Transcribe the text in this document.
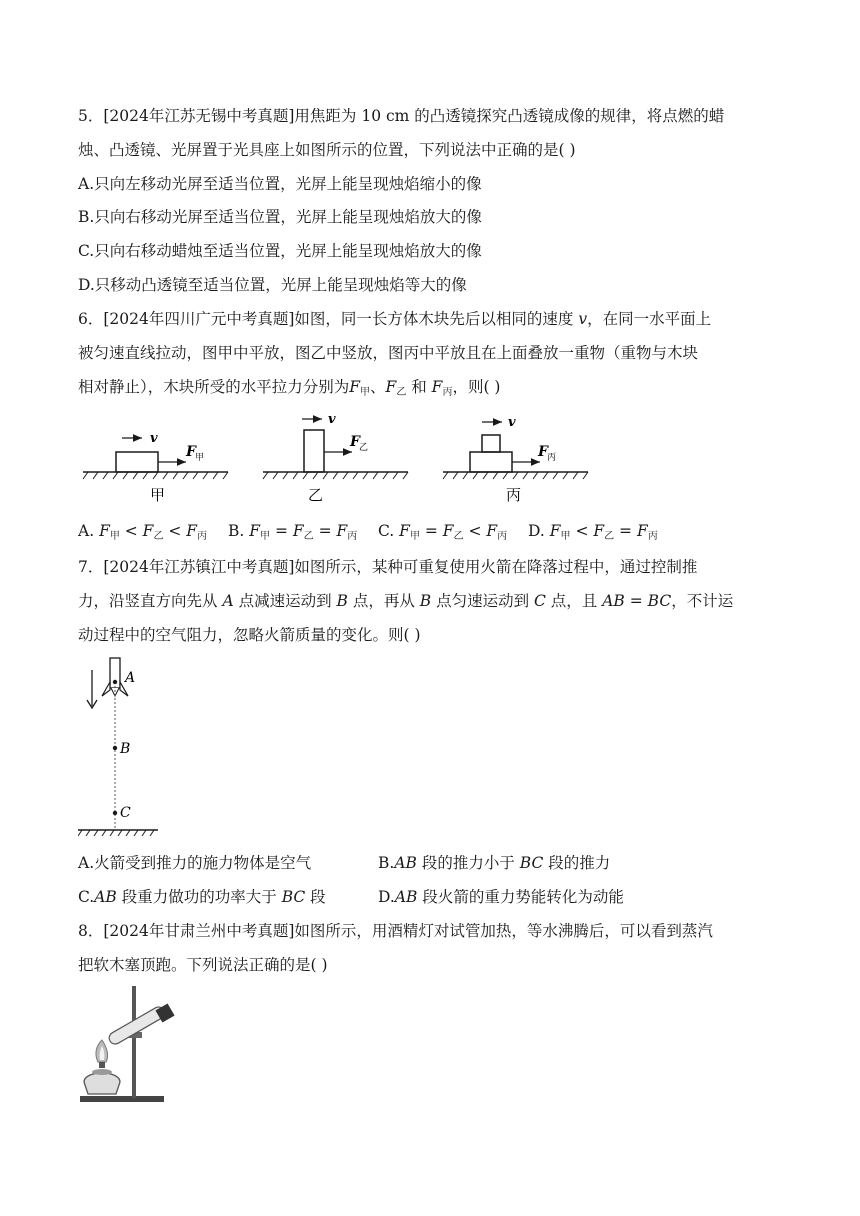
5．[2024年江苏无锡中考真题]用焦距为 10 cm 的凸透镜探究凸透镜成像的规律，将点燃的蜡
烛、凸透镜、光屏置于光具座上如图所示的位置，下列说法中正确的是( )
A.只向左移动光屏至适当位置，光屏上能呈现烛焰缩小的像
B.只向右移动光屏至适当位置，光屏上能呈现烛焰放大的像
C.只向右移动蜡烛至适当位置，光屏上能呈现烛焰放大的像
D.只移动凸透镜至适当位置，光屏上能呈现烛焰等大的像
6．[2024年四川广元中考真题]如图，同一长方体木块先后以相同的速度 v，在同一水平面上
被匀速直线拉动，图甲中平放，图乙中竖放，图丙中平放且在上面叠放一重物（重物与木块
相对静止），木块所受的水平拉力分别为$F_甲$、$F_乙$ 和 $F_丙$，则( )
v
F 甲
甲
v
F 乙
乙
v
F 丙
丙
A. $F_甲 < F_乙 < F_丙$ B. $F_甲 = F_乙 = F_丙$ C. $F_甲 = F_乙 < F_丙$ D. $F_甲 < F_乙 = F_丙$
7．[2024年江苏镇江中考真题]如图所示，某种可重复使用火箭在降落过程中，通过控制推
力，沿竖直方向先从 A 点减速运动到 B 点，再从 B 点匀速运动到 C 点，且 AB = BC，不计运
动过程中的空气阻力，忽略火箭质量的变化。则( )
A
B
C
A.火箭受到推力的施力物体是空气	B.AB 段的推力小于 BC 段的推力
C.AB 段重力做功的功率大于 BC 段	D.AB 段火箭的重力势能转化为动能
8．[2024年甘肃兰州中考真题]如图所示，用酒精灯对试管加热，等水沸腾后，可以看到蒸汽
把软木塞顶跑。下列说法正确的是( )
